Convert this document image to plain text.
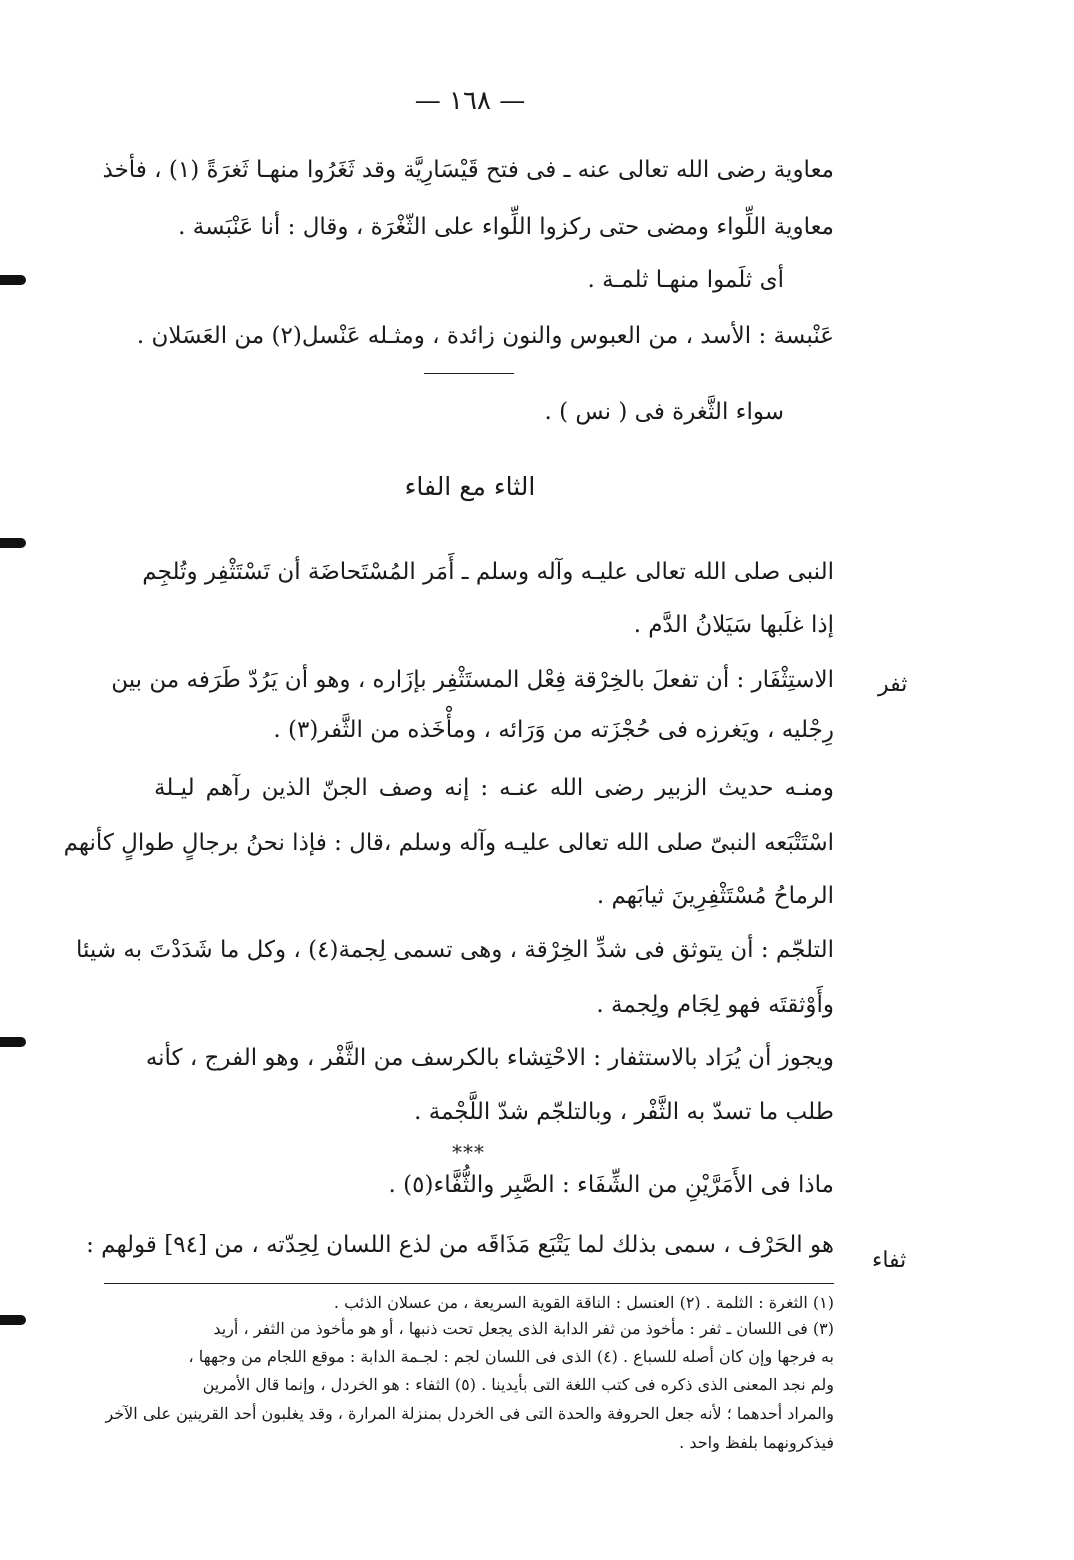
— ١٦٨ —
معاوية رضى الله تعالى عنه ـ فى فتح قَيْسَارِيَّة وقد ثَغَرُوا منهـا ثَغرَةً (١) ، فأخذ
معاوية اللِّواء ومضى حتى ركزوا اللِّواء على الثّغْرَة ، وقال : أنا عَنْبَسة .
أى ثلَموا منهـا ثلمـة .
عَنْبسة : الأسد ، من العبوس والنون زائدة ، ومثـله عَنْسل(٢) من العَسَلان .
سواء الثَّغرة فى ( نس ) .
الثاء مع الفاء
النبى صلى الله تعالى عليـه وآله وسلم ـ أَمَر المُسْتَحاضَة أن تَسْتَثْفِر وتُلجِم
إذا غلَبها سَيَلانُ الدَّم .
الاستِثْفَار : أن تفعلَ بالخِرْقة فِعْل المستَثْفِر بإزَاره ، وهو أن يَرُدّ طَرَفه من بين
رِجْليه ، ويَغرزه فى حُجْزَته من وَرَائه ، ومأْخَذه من الثَّفر(٣) .
ومنـه حديث الزبير رضى الله عنـه : إنه وصف الجنّ الذين رآهم ليـلة
اسْتَتْبَعه النبىّ صلى الله تعالى عليـه وآله وسلم ،قال : فإذا نحنُ برجالٍ طوالٍ كأنهم
الرماحُ مُسْتَثْفِرِينَ ثيابَهم .
التلجّم : أن يتوثق فى شدِّ الخِرْقة ، وهى تسمى لِجمة(٤) ، وكل ما شَدَدْتَ به شيئا
وأَوْثقتَه فهو لِجَام ولِجمة .
ويجوز أن يُرَاد بالاستثفار : الاحْتِشاء بالكرسف من الثَّفْر ، وهو الفرج ، كأنه
طلب ما تسدّ به الثَّفْر ، وبالتلجّم شدّ اللَّجْمة .
***
ماذا فى الأَمَرَّيْنِ من الشِّفَاء : الصَّبِر والثُّفَّاء(٥) .
هو الحَرْف ، سمى بذلك لما يَتْبَع مَذَاقَه من لذع اللسان لِحِدّته ، من [٩٤] قولهم :
ثفر
ثفاء
(١) الثغرة : الثلمة . (٢) العنسل : الناقة القوية السريعة ، من عسلان الذئب .
(٣) فى اللسان ـ ثفر : مأخوذ من ثفر الدابة الذى يجعل تحت ذنبها ، أو هو مأخوذ من الثفر ، أريد
به فرجها وإن كان أصله للسباع . (٤) الذى فى اللسان لجم : لجـمة الدابة : موقع اللجام من وجهها ،
ولم نجد المعنى الذى ذكره فى كتب اللغة التى بأيدينا . (٥) الثفاء : هو الخردل ، وإنما قال الأمرين
والمراد أحدهما ؛ لأنه جعل الحروفة والحدة التى فى الخردل بمنزلة المرارة ، وقد يغلبون أحد القرينين على الآخر
فيذكرونهما بلفظ واحد .
